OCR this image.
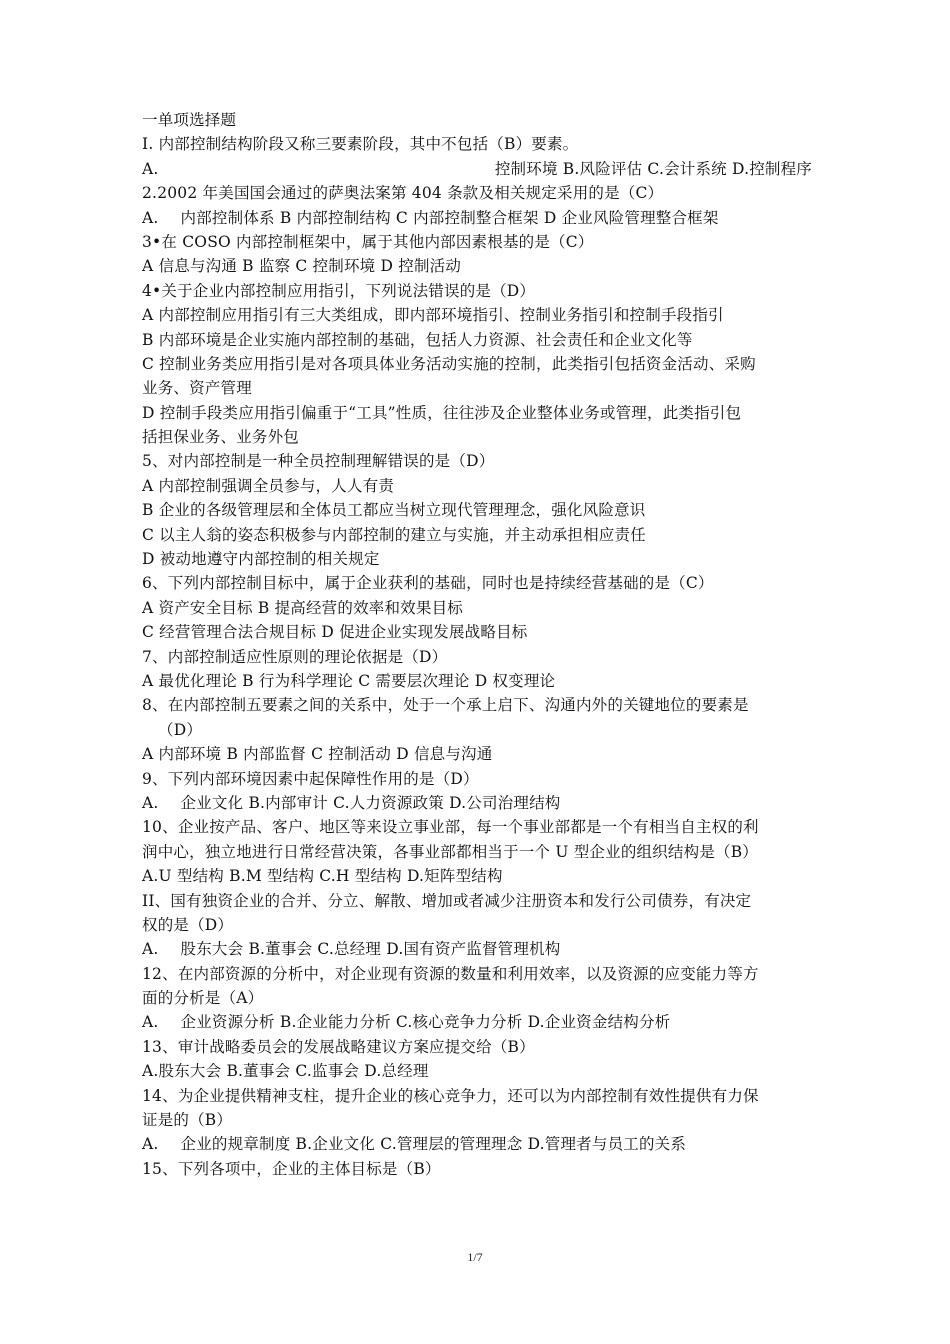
一单项选择题
I. 内部控制结构阶段又称三要素阶段，其中不包括（B）要素。
A.	控制环境 B.风险评估 C.会计系统 D.控制程序
2.2002 年美国国会通过的萨奥法案第 404 条款及相关规定采用的是（C）
A. 内部控制体系 B 内部控制结构 C 内部控制整合框架 D 企业风险管理整合框架
3•在 COSO 内部控制框架中，属于其他内部因素根基的是（C）
A 信息与沟通 B 监察 C 控制环境 D 控制活动
4•关于企业内部控制应用指引，下列说法错误的是（D）
A 内部控制应用指引有三大类组成，即内部环境指引、控制业务指引和控制手段指引
B 内部环境是企业实施内部控制的基础，包括人力资源、社会责任和企业文化等
C 控制业务类应用指引是对各项具体业务活动实施的控制，此类指引包括资金活动、采购
业务、资产管理
D 控制手段类应用指引偏重于“工具”性质，往往涉及企业整体业务或管理，此类指引包
括担保业务、业务外包
5、对内部控制是一种全员控制理解错误的是（D）
A 内部控制强调全员参与，人人有责
B 企业的各级管理层和全体员工都应当树立现代管理理念，强化风险意识
C 以主人翁的姿态积极参与内部控制的建立与实施，并主动承担相应责任
D 被动地遵守内部控制的相关规定
6、下列内部控制目标中，属于企业获利的基础，同时也是持续经营基础的是（C）
A 资产安全目标 B 提高经营的效率和效果目标
C 经营管理合法合规目标 D 促进企业实现发展战略目标
7、内部控制适应性原则的理论依据是（D）
A 最优化理论 B 行为科学理论 C 需要层次理论 D 权变理论
8、在内部控制五要素之间的关系中，处于一个承上启下、沟通内外的关键地位的要素是
（D）
A 内部环境 B 内部监督 C 控制活动 D 信息与沟通
9、下列内部环境因素中起保障性作用的是（D）
A. 企业文化 B.内部审计 C.人力资源政策 D.公司治理结构
10、企业按产品、客户、地区等来设立事业部，每一个事业部都是一个有相当自主权的利
润中心，独立地进行日常经营决策，各事业部都相当于一个 U 型企业的组织结构是（B）
A.U 型结构 B.M 型结构 C.H 型结构 D.矩阵型结构
II、国有独资企业的合并、分立、解散、增加或者减少注册资本和发行公司债券，有决定
权的是（D）
A. 股东大会 B.董事会 C.总经理 D.国有资产监督管理机构
12、在内部资源的分析中，对企业现有资源的数量和利用效率，以及资源的应变能力等方
面的分析是（A）
A. 企业资源分析 B.企业能力分析 C.核心竞争力分析 D.企业资金结构分析
13、审计战略委员会的发展战略建议方案应提交给（B）
A.股东大会 B.董事会 C.监事会 D.总经理
14、为企业提供精神支柱，提升企业的核心竞争力，还可以为内部控制有效性提供有力保
证是的（B）
A. 企业的规章制度 B.企业文化 C.管理层的管理理念 D.管理者与员工的关系
15、下列各项中，企业的主体目标是（B）
1/7
